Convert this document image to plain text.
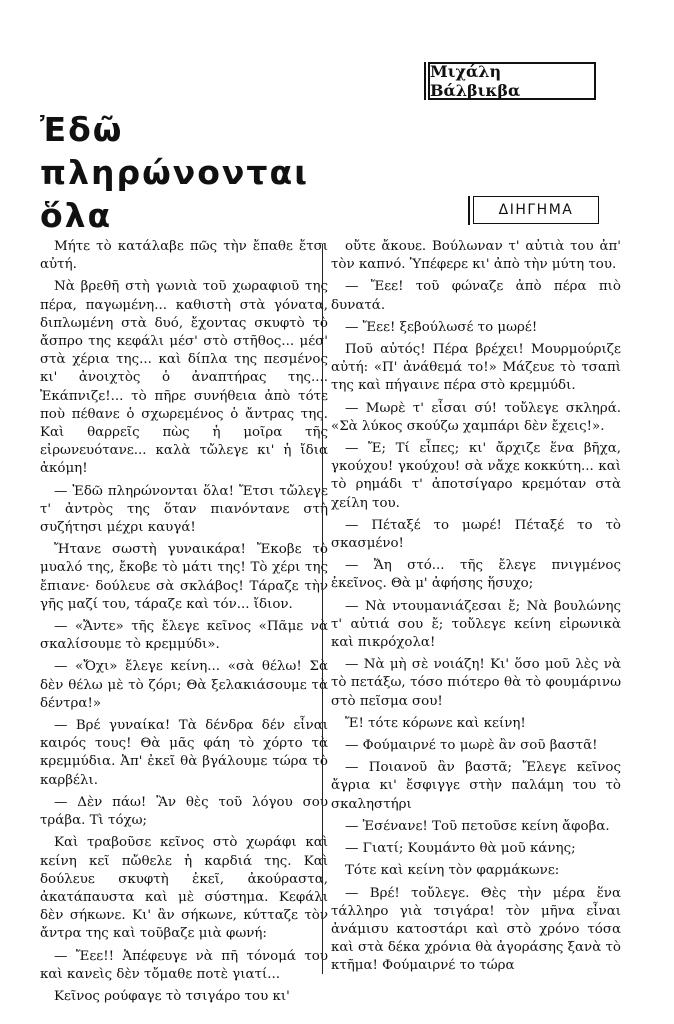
Μιχάλη Βάλβικβα
Ἐδῶ
πληρώνονται
ὅλα	ΔΙΗΓΗΜΑ

Μήτε τὸ κατάλαβε πῶς τὴν ἔπαθε ἔτσι αὐτή.

Νὰ βρεθῆ στὴ γωνιὰ τοῦ χωραφιοῦ της πέρα, παγωμένη... καθιστὴ στὰ γόνατα, διπλωμένη στὰ δυό, ἔχοντας σκυφτὸ τὸ ἄσπρο της κεφάλι μέσ' στὸ στῆθος... μέσ' στὰ χέρια της... καὶ δίπλα της πεσμένος κι' ἀνοιχτὸς ὁ ἀναπτήρας της.... Ἐκάπνιζε!... τὸ πῆρε συνήθεια ἀπὸ τότε ποὺ πέθανε ὁ σχωρεμένος ὁ ἄντρας της. Καὶ θαρρεῖς πὼς ἡ μοῖρα τῆς εἰρωνευότανε... καλὰ τὤλεγε κι' ἡ ἴδια ἀκόμη!

— Ἐδῶ πληρώνονται ὅλα! Ἔτσι τὤλεγε τ' ἀντρὸς της ὅταν πιανόντανε στὴ συζήτησι μέχρι καυγά!

Ἤτανε σωστὴ γυναικάρα! Ἔκοβε τὸ μυαλό της, ἔκοβε τὸ μάτι της! Τὸ χέρι της ἔπιανε· δούλευε σὰ σκλάβος! Τάραζε τὴν γῆς μαζί του, τάραζε καὶ τόν... ἴδιον.

— «Ἄντε» τῆς ἔλεγε κεῖνος «Πᾶμε νὰ σκαλίσουμε τὸ κρεμμύδι».

— «Ὄχι» ἔλεγε κείνη... «σὰ θέλω! Σὰ δὲν θέλω μὲ τὸ ζόρι; Θὰ ξελακιάσουμε τὰ δέντρα!»

— Βρέ γυναίκα! Τὰ δένδρα δέν εἶναι καιρός τους! Θὰ μᾶς φάη τὸ χόρτο τὰ κρεμμύδια. Ἀπ' ἐκεῖ θὰ βγάλουμε τώρα τὸ καρβέλι.

— Δὲν πάω! Ἂν θὲς τοῦ λόγου σου τράβα. Τὶ τόχω;

Καὶ τραβοῦσε κεῖνος στὸ χωράφι καὶ κείνη κεῖ πὤθελε ἡ καρδιά της. Καὶ δούλευε σκυφτὴ ἐκεῖ, ἀκούραστα, ἀκατάπαυστα καὶ μὲ σύστημα. Κεφάλι δὲν σήκωνε. Κι' ἂν σήκωνε, κύτταζε τὸν ἄντρα της καὶ τοῦβαζε μιὰ φωνή:

— Ἔεε!! Ἀπέφευγε νὰ πῆ τόνομά του καὶ κανεὶς δὲν τὄμαθε ποτὲ γιατί...

Κεῖνος ρούφαγε τὸ τσιγάρο του κι'

οὔτε ἄκουε. Βούλωναν τ' αὐτιὰ του ἀπ' τὸν καπνό. Ὑπέφερε κι' ἀπὸ τὴν μύτη του.

— Ἔεε! τοῦ φώναζε ἀπὸ πέρα πιὸ δυνατά.

— Ἔεε! ξεβούλωσέ το μωρέ!

Ποῦ αὐτός! Πέρα βρέχει! Μουρμούριζε αὐτή: «Π' ἀνάθεμά το!» Μάζευε τὸ τσαπὶ της καὶ πήγαινε πέρα στὸ κρεμμύδι.

— Μωρὲ τ' εἶσαι σύ! τοὔλεγε σκληρά. «Σὰ λύκος σκούζω χαμπάρι δὲν ἔχεις!».

— Ἔ; Τί εἶπες; κι' ἄρχιζε ἕνα βῆχα, γκούχου! γκούχου! σὰ νἄχε κοκκύτη... καὶ τὸ ρημάδι τ' ἀποτσίγαρο κρεμόταν στὰ χείλη του.

— Πέταξέ το μωρέ! Πέταξέ το τὸ σκασμένο!

— Ἄη στό... τῆς ἔλεγε πνιγμένος ἐκεῖνος. Θὰ μ' ἀφήσης ἥσυχο;

— Νὰ ντουμανιάζεσαι ἔ; Νὰ βουλώνης τ' αὐτιά σου ἔ; τοὔλεγε κείνη εἰρωνικὰ καὶ πικρόχολα!

— Νὰ μὴ σὲ νοιάζη! Κι' ὅσο μοῦ λὲς νὰ τὸ πετάξω, τόσο πιότερο θὰ τὸ φουμάρινω στὸ πεῖσμα σου!

Ἔ! τότε κόρωνε καὶ κείνη!

— Φούμαιρνέ το μωρὲ ἂν σοῦ βαστᾶ!

— Ποιανοῦ ἂν βαστᾶ; Ἔλεγε κεῖνος ἄγρια κι' ἔσφιγγε στὴν παλάμη του τὸ σκαληστήρι

— Ἐσένανε! Τοῦ πετοῦσε κείνη ἄφοβα.

— Γιατί; Κουμάντο θὰ μοῦ κάνης;

Τότε καὶ κείνη τὸν φαρμάκωνε:

— Βρέ! τοὔλεγε. Θὲς τὴν μέρα ἕνα τάλληρο γιὰ τσιγάρα! τὸν μῆνα εἶναι ἀνάμισυ κατοστάρι καὶ στὸ χρόνο τόσα καὶ στὰ δέκα χρόνια θὰ ἀγοράσης ξανὰ τὸ κτῆμα! Φούμαιρνέ το τώρα
